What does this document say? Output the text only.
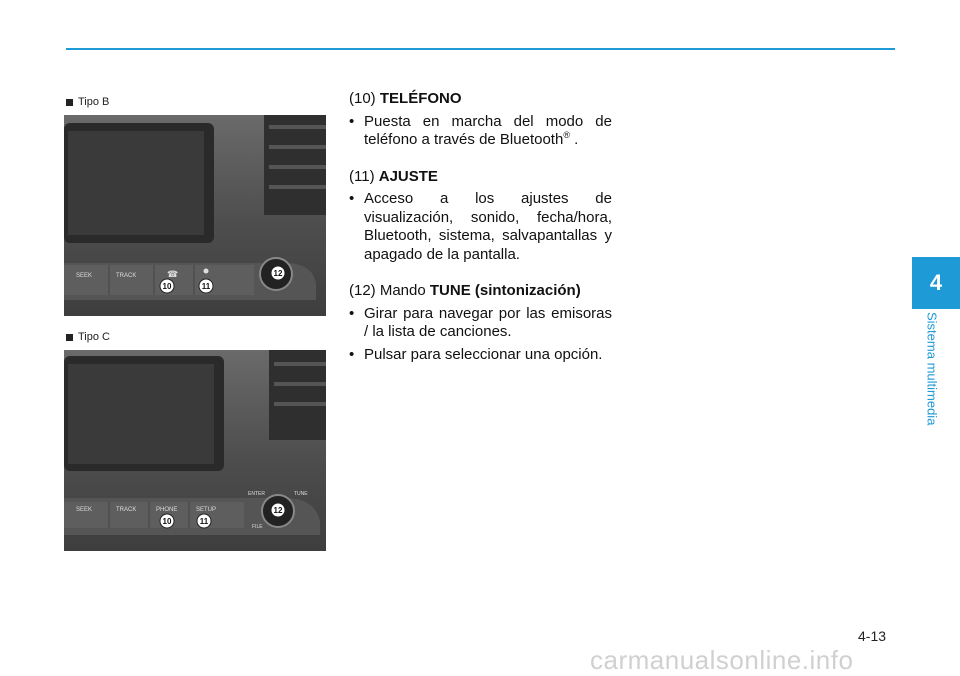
Tipo B
SEEK	TRACK	☎
10	11
12
Tipo C
SEEK	TRACK	PHONE	SETUP
ENTER	TUNE
FILE
10	11
12

(10) TELÉFONO

• Puesta en marcha del modo de teléfono a través de Bluetooth® .

(11) AJUSTE

• Acceso a los ajustes de visualización, sonido, fecha/hora, Bluetooth, sistema, salvapantallas y apagado de la pantalla.

(12) Mando TUNE (sintonización)

• Girar para navegar por las emisoras / la lista de canciones.
• Pulsar para seleccionar una opción.
4
Sistema multimedia
4-13
carmanualsonline.info
